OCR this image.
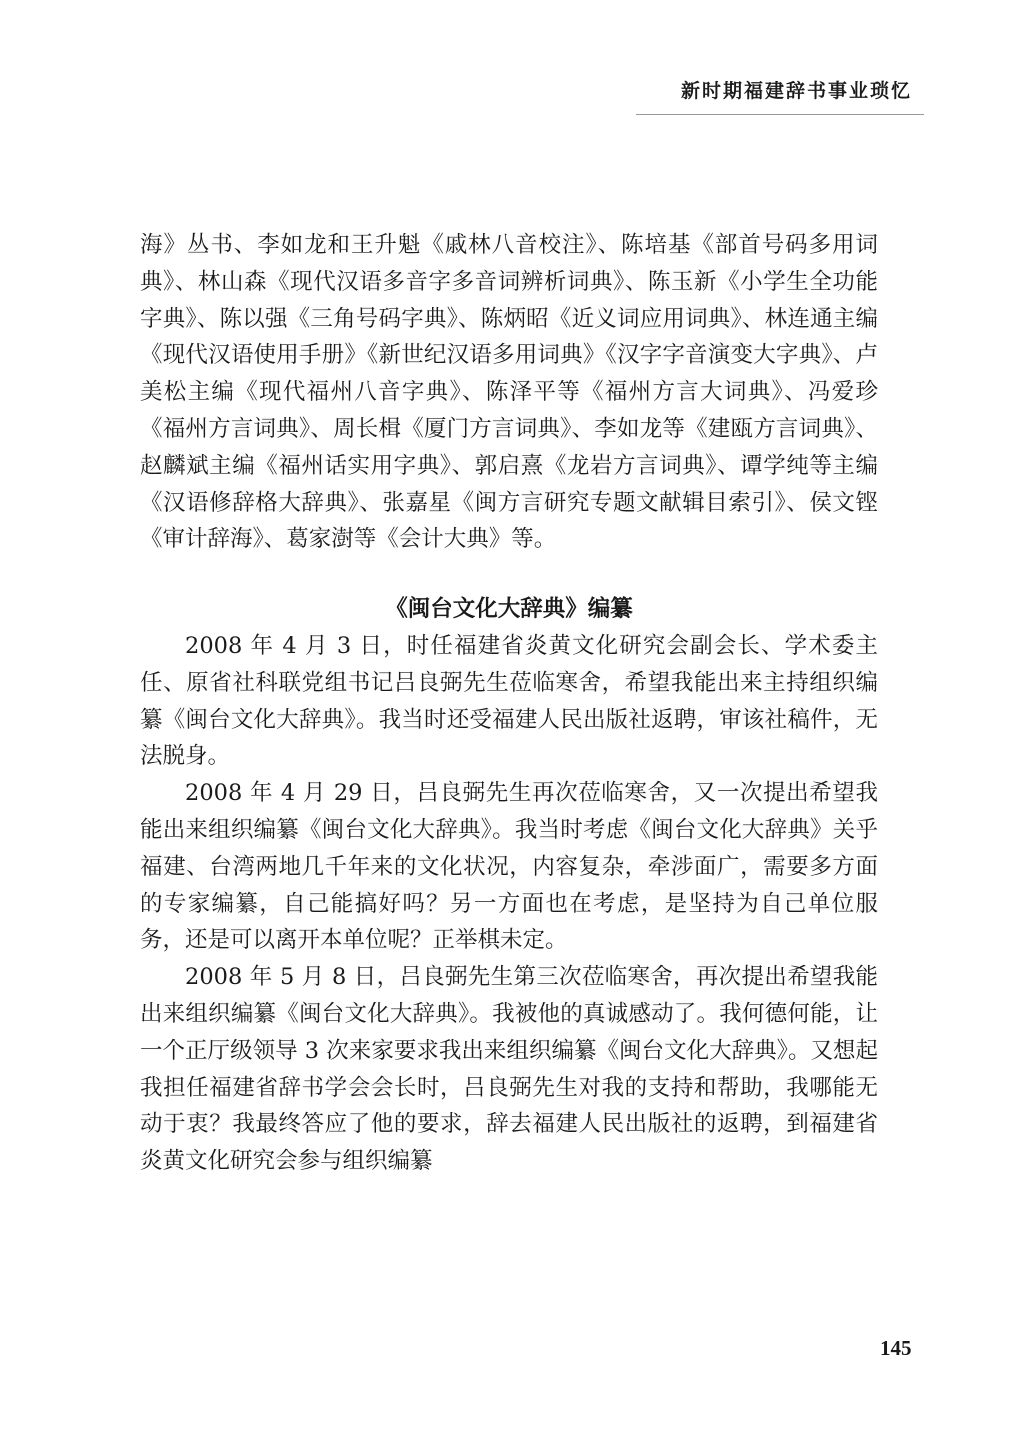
新时期福建辞书事业琐忆

海》丛书、李如龙和王升魁《戚林八音校注》、陈培基《部首号码多用词典》、林山森《现代汉语多音字多音词辨析词典》、陈玉新《小学生全功能字典》、陈以强《三角号码字典》、陈炳昭《近义词应用词典》、林连通主编《现代汉语使用手册》《新世纪汉语多用词典》《汉字字音演变大字典》、卢美松主编《现代福州八音字典》、陈泽平等《福州方言大词典》、冯爱珍《福州方言词典》、周长楫《厦门方言词典》、李如龙等《建瓯方言词典》、赵麟斌主编《福州话实用字典》、郭启熹《龙岩方言词典》、谭学纯等主编《汉语修辞格大辞典》、张嘉星《闽方言研究专题文献辑目索引》、侯文铿《审计辞海》、葛家澍等《会计大典》等。

《闽台文化大辞典》编纂

2008 年 4 月 3 日，时任福建省炎黄文化研究会副会长、学术委主任、原省社科联党组书记吕良弼先生莅临寒舍，希望我能出来主持组织编纂《闽台文化大辞典》。我当时还受福建人民出版社返聘，审该社稿件，无法脱身。

2008 年 4 月 29 日，吕良弼先生再次莅临寒舍，又一次提出希望我能出来组织编纂《闽台文化大辞典》。我当时考虑《闽台文化大辞典》关乎福建、台湾两地几千年来的文化状况，内容复杂，牵涉面广，需要多方面的专家编纂，自己能搞好吗？另一方面也在考虑，是坚持为自己单位服务，还是可以离开本单位呢？正举棋未定。

2008 年 5 月 8 日，吕良弼先生第三次莅临寒舍，再次提出希望我能出来组织编纂《闽台文化大辞典》。我被他的真诚感动了。我何德何能，让一个正厅级领导 3 次来家要求我出来组织编纂《闽台文化大辞典》。又想起我担任福建省辞书学会会长时，吕良弼先生对我的支持和帮助，我哪能无动于衷？我最终答应了他的要求，辞去福建人民出版社的返聘，到福建省炎黄文化研究会参与组织编纂

145
